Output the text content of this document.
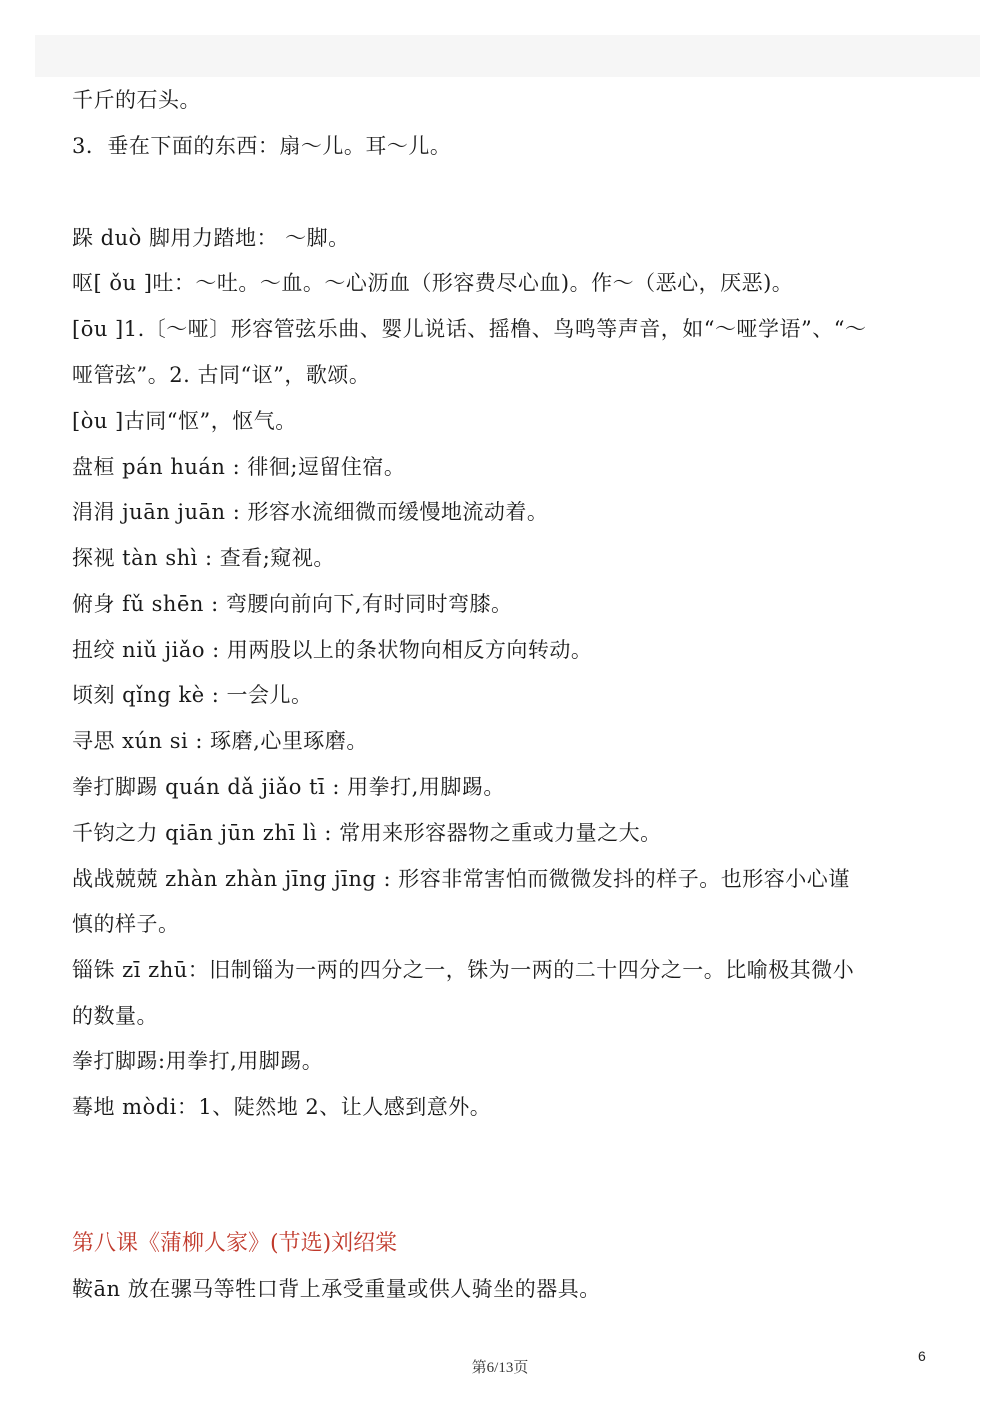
千斤的石头。
3．垂在下面的东西：扇～儿。耳～儿。
跺 duò 脚用力踏地： ～脚。
呕[ ǒu ]吐：～吐。～血。～心沥血（形容费尽心血)。作～（恶心，厌恶)。
[ōu ]1.〔～哑〕形容管弦乐曲、婴儿说话、摇橹、鸟鸣等声音，如“～哑学语”、“～
哑管弦”。2. 古同“讴”，歌颂。
[òu ]古同“怄”，怄气。
盘桓 pán huán : 徘徊;逗留住宿。
涓涓 juān juān : 形容水流细微而缓慢地流动着。
探视 tàn shì : 查看;窥视。
俯身 fǔ shēn : 弯腰向前向下,有时同时弯膝。
扭绞 niǔ jiǎo : 用两股以上的条状物向相反方向转动。
顷刻 qǐng kè : 一会儿。
寻思 xún si : 琢磨,心里琢磨。
拳打脚踢 quán dǎ jiǎo tī : 用拳打,用脚踢。
千钧之力 qiān jūn zhī lì : 常用来形容器物之重或力量之大。
战战兢兢 zhàn zhàn jīng jīng : 形容非常害怕而微微发抖的样子。也形容小心谨
慎的样子。
锱铢 zī zhū：旧制锱为一两的四分之一，铢为一两的二十四分之一。比喻极其微小
的数量。
拳打脚踢:用拳打,用脚踢。
蓦地 mòdi：1、陡然地 2、让人感到意外。
第八课《蒲柳人家》(节选)刘绍棠
鞍ān 放在骡马等牲口背上承受重量或供人骑坐的器具。
第6/13页
6
